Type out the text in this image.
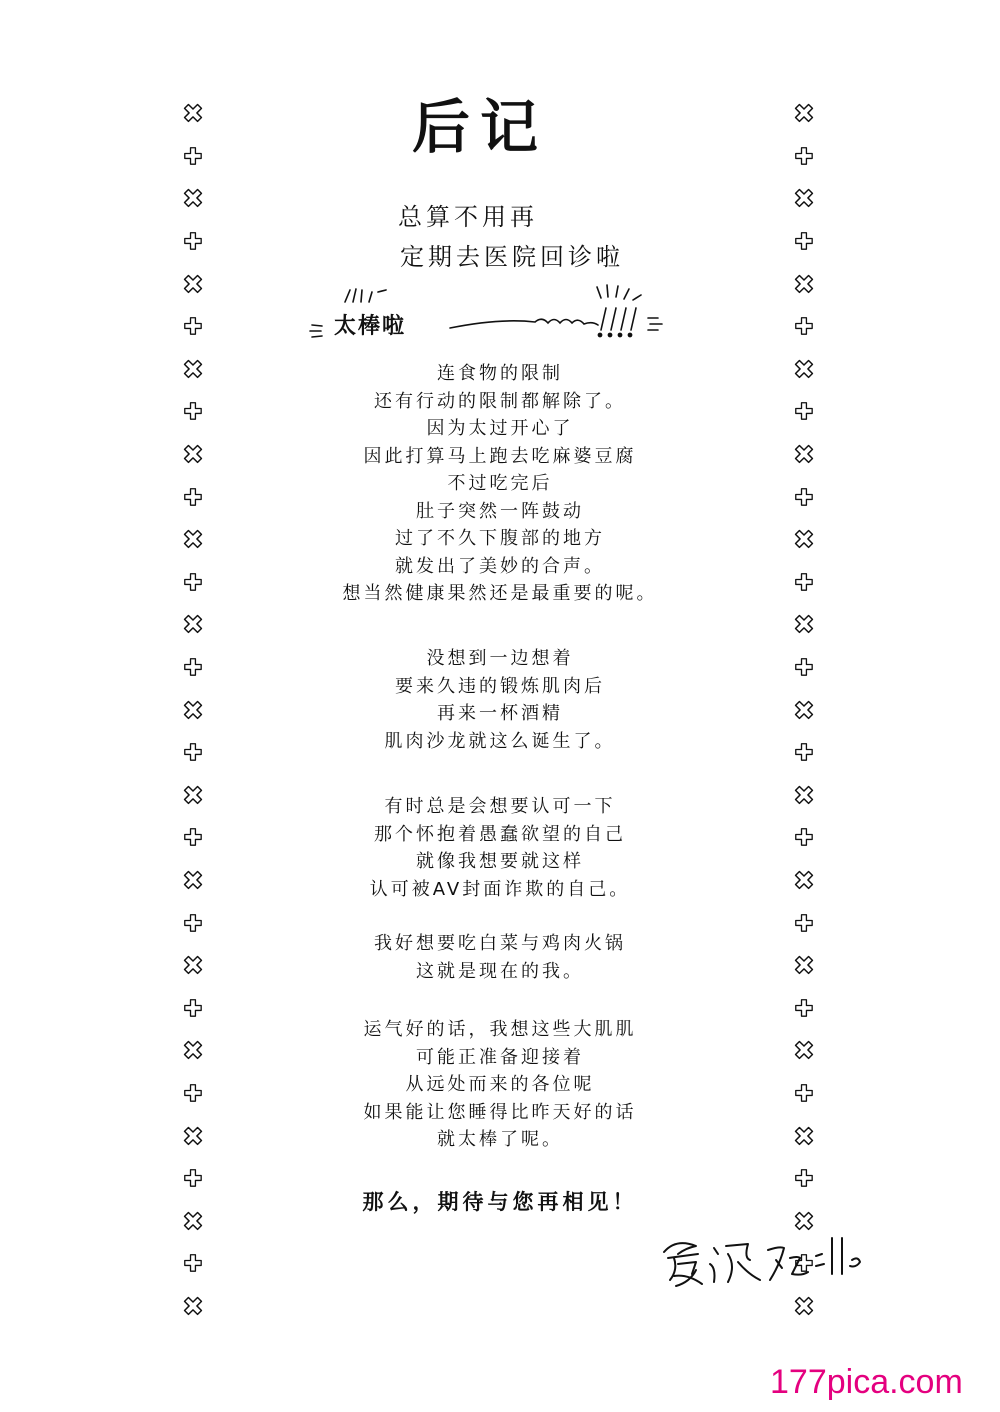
后记
总算不用再
定期去医院回诊啦
太棒啦
连食物的限制
还有行动的限制都解除了。
因为太过开心了
因此打算马上跑去吃麻婆豆腐
不过吃完后
肚子突然一阵鼓动
过了不久下腹部的地方
就发出了美妙的合声。
想当然健康果然还是最重要的呢。
没想到一边想着
要来久违的锻炼肌肉后
再来一杯酒精
肌肉沙龙就这么诞生了。
有时总是会想要认可一下
那个怀抱着愚蠢欲望的自己
就像我想要就这样
认可被AV封面诈欺的自己。
我好想要吃白菜与鸡肉火锅
这就是现在的我。
运气好的话，我想这些大肌肌
可能正准备迎接着
从远处而来的各位呢
如果能让您睡得比昨天好的话
就太棒了呢。
那么，期待与您再相见！
177pica.com
